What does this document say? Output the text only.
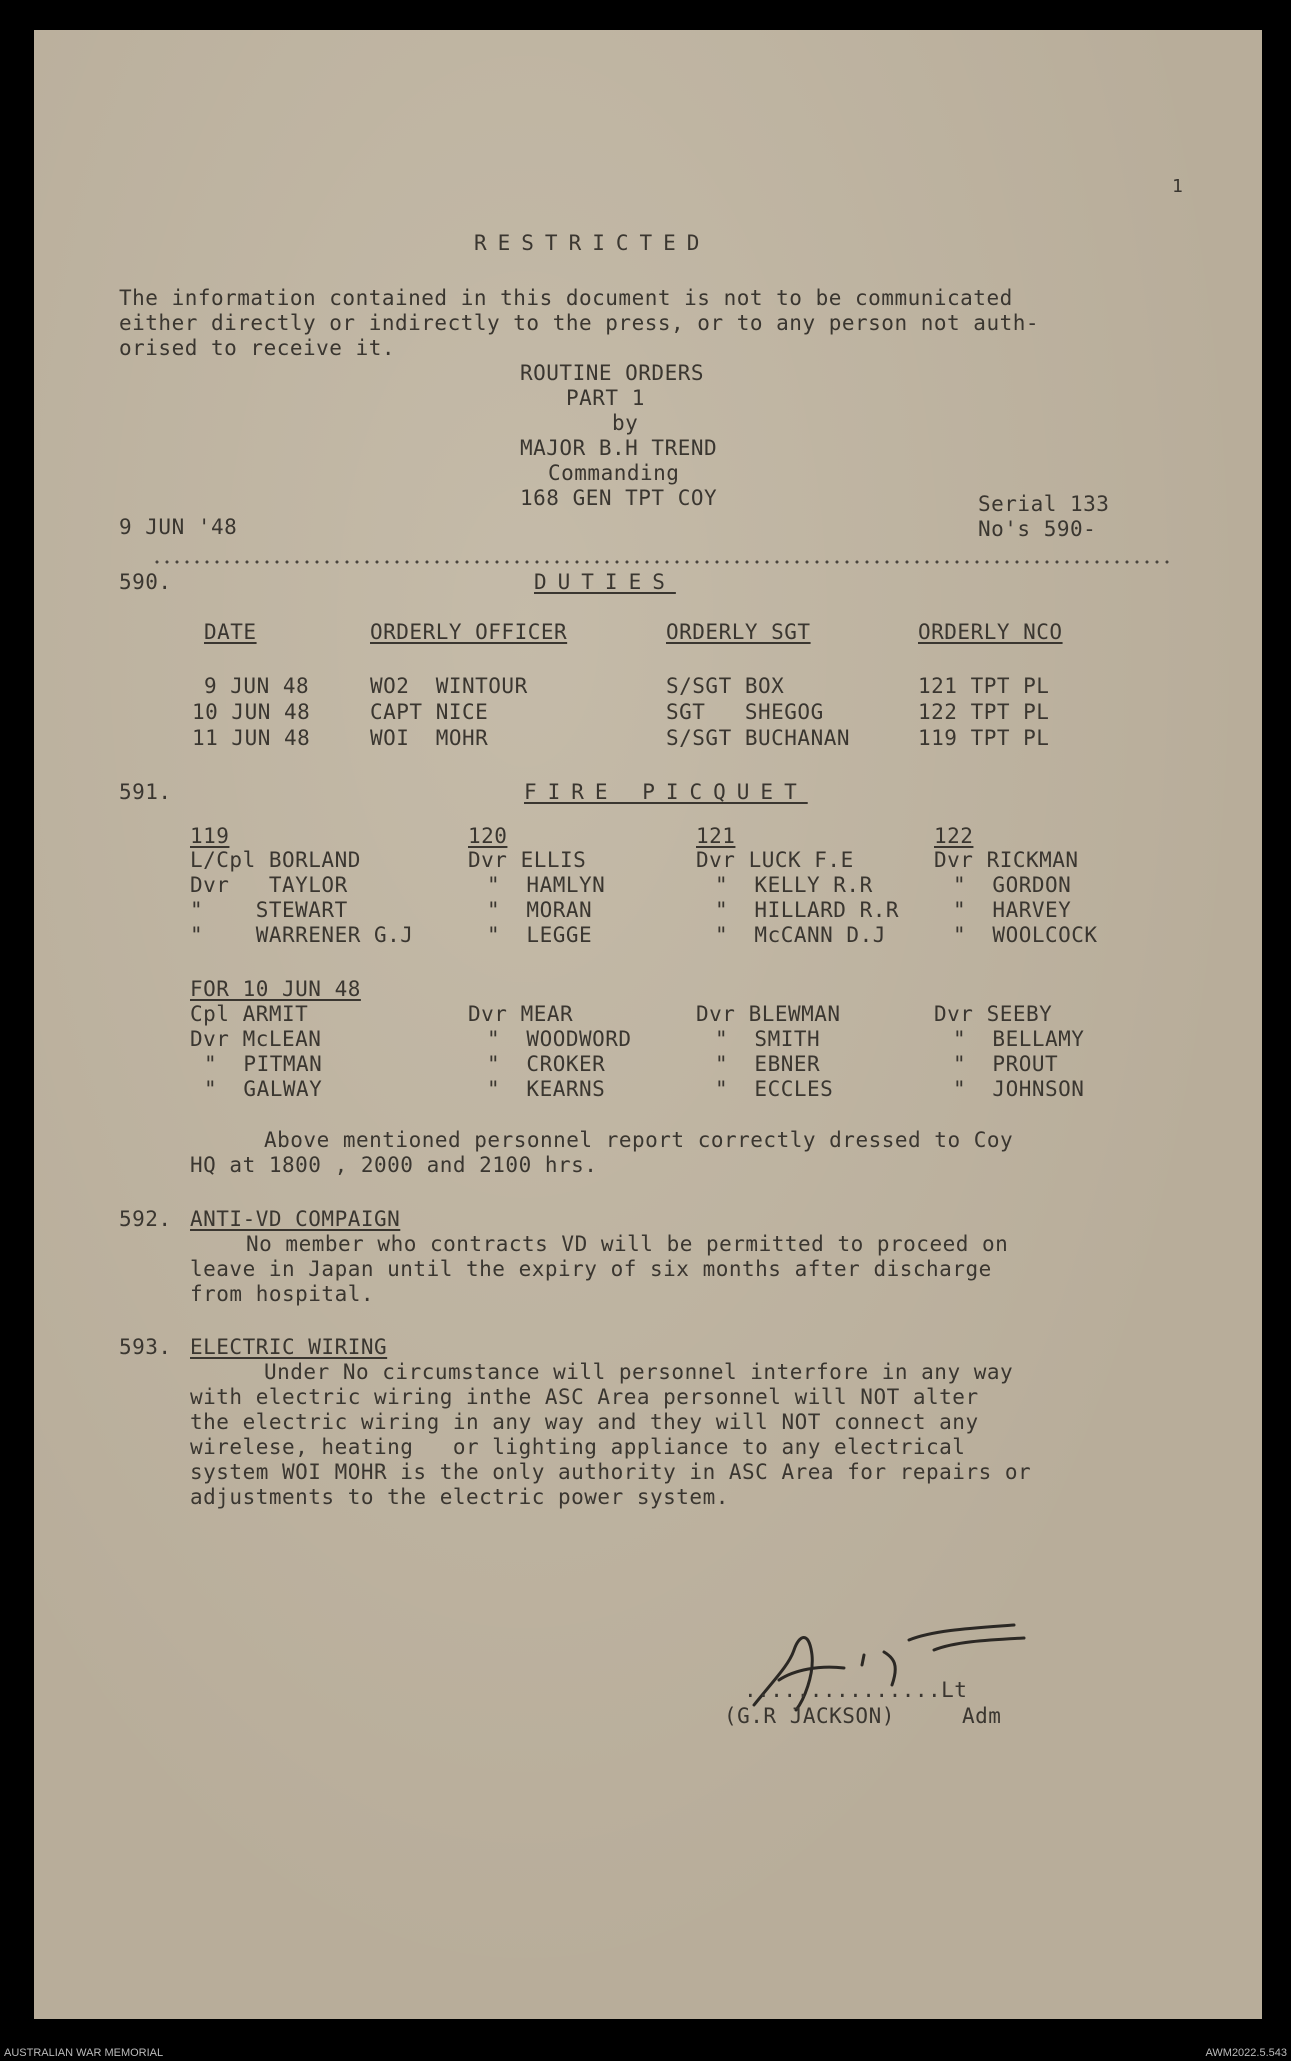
RESTRICTED
1
The information contained in this document is not to be communicated
either directly or indirectly to the press, or to any person not auth-
orised to receive it.
ROUTINE ORDERS
PART 1
by
MAJOR B.H TREND
Commanding
168 GEN TPT COY
9 JUN '48
Serial 133
No's 590-
590.	DUTIES
DATE	ORDERLY OFFICER	ORDERLY SGT	ORDERLY NCO
9 JUN 48	WO2  WINTOUR	S/SGT BOX	121 TPT PL
10 JUN 48	CAPT NICE	SGT   SHEGOG	122 TPT PL
11 JUN 48	WOI  MOHR	S/SGT BUCHANAN	119 TPT PL
591.	FIRE PICQUET
119	120	121	122
L/Cpl BORLAND	Dvr ELLIS	Dvr LUCK F.E	Dvr RICKMAN
Dvr   TAYLOR	"  HAMLYN	"  KELLY R.R	"  GORDON
"    STEWART	"  MORAN	"  HILLARD R.R	"  HARVEY
"    WARRENER G.J	"  LEGGE	"  McCANN D.J	"  WOOLCOCK
FOR 10 JUN 48
Cpl ARMIT	Dvr MEAR	Dvr BLEWMAN	Dvr SEEBY
Dvr McLEAN	"  WOODWORD	"  SMITH	"  BELLAMY
"  PITMAN	"  CROKER	"  EBNER	"  PROUT
"  GALWAY	"  KEARNS	"  ECCLES	"  JOHNSON
Above mentioned personnel report correctly dressed to Coy
HQ at 1800 , 2000 and 2100 hrs.
592. ANTI-VD COMPAIGN
No member who contracts VD will be permitted to proceed on
leave in Japan until the expiry of six months after discharge
from hospital.
593. ELECTRIC WIRING
Under No circumstance will personnel interfore in any way
with electric wiring inthe ASC Area personnel will NOT alter
the electric wiring in any way and they will NOT connect any
wirelese, heating   or lighting appliance to any electrical
system WOI MOHR is the only authority in ASC Area for repairs or
adjustments to the electric power system.
...............Lt
(G.R JACKSON)	Adm
AUSTRALIAN WAR MEMORIAL	AWM2022.5.543
